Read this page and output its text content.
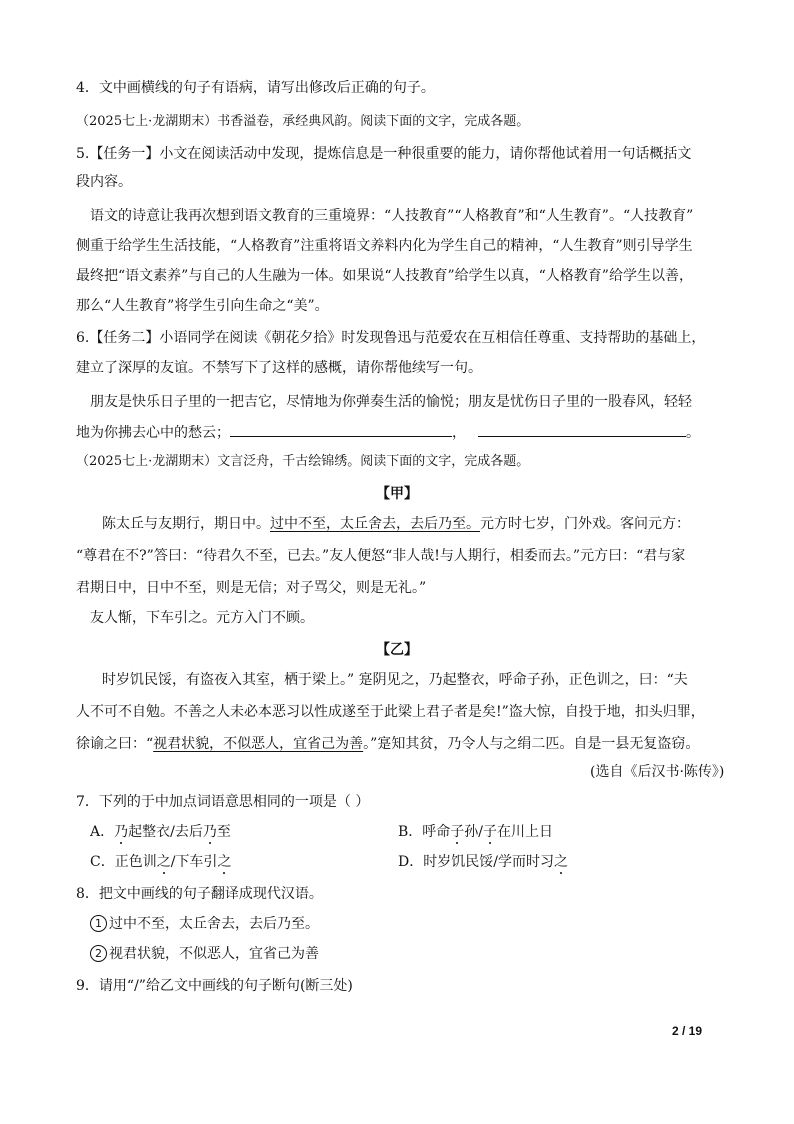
4．文中画横线的句子有语病，请写出修改后正确的句子。
（2025七上·龙湖期末）书香溢卷，承经典风韵。阅读下面的文字，完成各题。
5.【任务一】小文在阅读活动中发现，提炼信息是一种很重要的能力，请你帮他试着用一句话概括文
段内容。
语文的诗意让我再次想到语文教育的三重境界：“人技教育”“人格教育”和“人生教育”。“人技教育”
侧重于给学生生活技能，“人格教育”注重将语文养料内化为学生自己的精神，“人生教育”则引导学生
最终把“语文素养”与自己的人生融为一体。如果说“人技教育”给学生以真，“人格教育”给学生以善，
那么“人生教育”将学生引向生命之“美”。
6.【任务二】小语同学在阅读《朝花夕拾》时发现鲁迅与范爱农在互相信任尊重、支持帮助的基础上，
建立了深厚的友谊。不禁写下了这样的感概，请你帮他续写一句。
朋友是快乐日子里的一把吉它，尽情地为你弹奏生活的愉悦；朋友是忧伤日子里的一股春风，轻轻
地为你拂去心中的愁云；	，	。
（2025七上·龙湖期末）文言泛舟，千古绘锦绣。阅读下面的文字，完成各题。
【甲】
陈太丘与友期行，期日中。过中不至，太丘舍去，去后乃至。元方时七岁，门外戏。客问元方：
“尊君在不?”答曰：“待君久不至，已去。”友人便怒“非人哉!与人期行，相委而去。”元方曰：“君与家
君期日中，日中不至，则是无信；对子骂父，则是无礼。”
友人惭，下车引之。元方入门不顾。
【乙】
时岁饥民馁，有盗夜入其室，栖于梁上。” 寔阴见之，乃起整衣，呼命子孙，正色训之，曰：“夫
人不可不自勉。不善之人未必本恶习以性成遂至于此梁上君子者是矣!”盗大惊，自投于地，扣头归罪，
徐谕之曰：“视君状貌，不似恶人，宜省己为善。”寔知其贫，乃令人与之绢二匹。自是一县无复盗窃。
(选自《后汉书·陈传》)
7．下列的于中加点词语意思相同的一项是（ ）
A．乃起整衣/去后乃至	B．呼命子孙/子在川上日
C．正色训之/下车引之	D．时岁饥民馁/学而时习之
8．把文中画线的句子翻译成现代汉语。
1 过中不至，太丘舍去，去后乃至。
2 视君状貌，不似恶人，宜省己为善
9．请用“/”给乙文中画线的句子断句(断三处)
2 / 19
